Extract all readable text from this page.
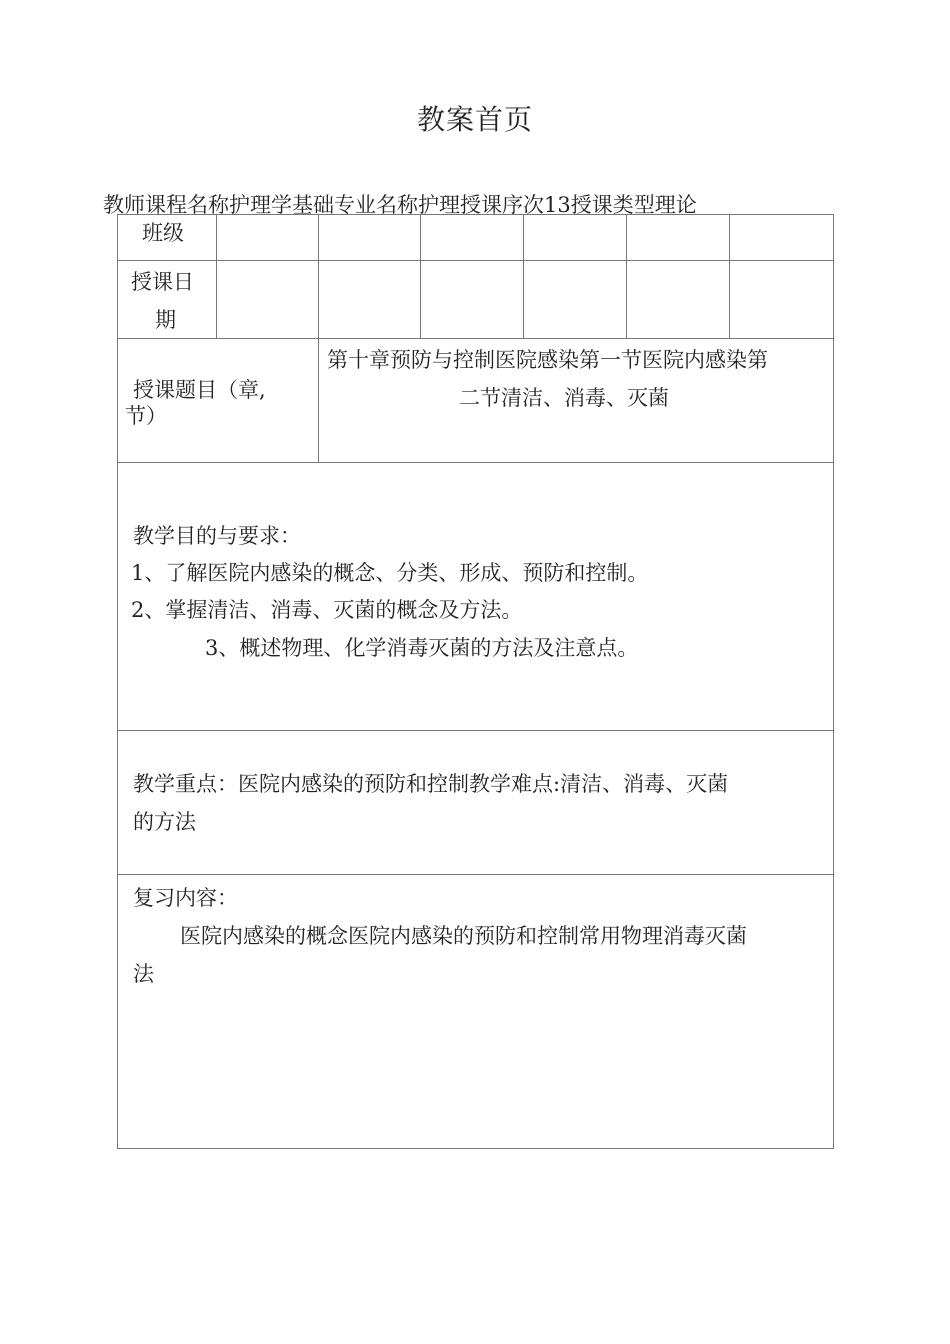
教案首页
教师课程名称护理学基础专业名称护理授课序次13授课类型理论
班级
授课日
期
授课题目（章,
节）
第十章预防与控制医院感染第一节医院内感染第
二节清洁、消毒、灭菌
教学目的与要求：
1、了解医院内感染的概念、分类、形成、预防和控制。
2、掌握清洁、消毒、灭菌的概念及方法。
3、概述物理、化学消毒灭菌的方法及注意点。
教学重点：医院内感染的预防和控制教学难点:清洁、消毒、灭菌
的方法
复习内容：
医院内感染的概念医院内感染的预防和控制常用物理消毒灭菌
法
